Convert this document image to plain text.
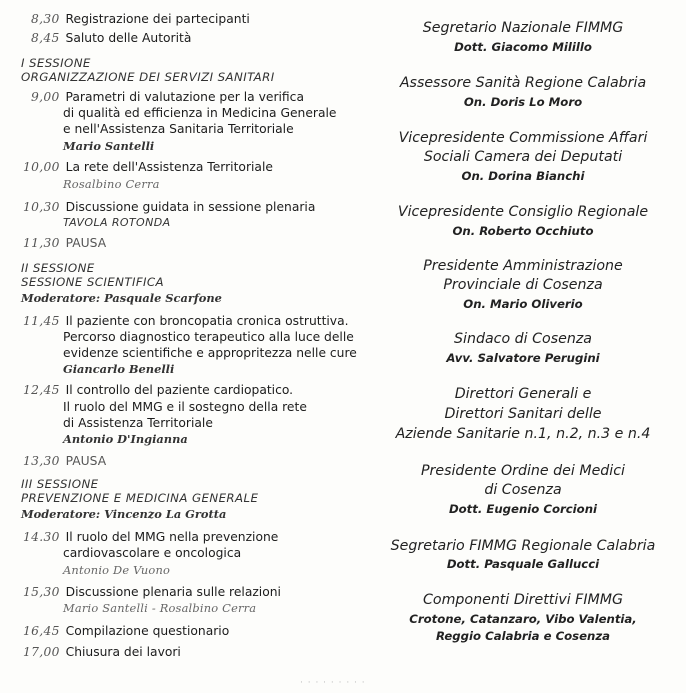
8,30 Registrazione dei partecipanti
8,45 Saluto delle Autorità
I SESSIONE
ORGANIZZAZIONE DEI SERVIZI SANITARI
9,00 Parametri di valutazione per la verifica
di qualità ed efficienza in Medicina Generale
e nell'Assistenza Sanitaria Territoriale
Mario Santelli
10,00 La rete dell'Assistenza Territoriale
Rosalbino Cerra
10,30 Discussione guidata in sessione plenaria
TAVOLA ROTONDA
11,30 PAUSA
II SESSIONE
SESSIONE SCIENTIFICA
Moderatore: Pasquale Scarfone
11,45 Il paziente con broncopatia cronica ostruttiva.
Percorso diagnostico terapeutico alla luce delle
evidenze scientifiche e appropritezza nelle cure
Giancarlo Benelli
12,45 Il controllo del paziente cardiopatico.
Il ruolo del MMG e il sostegno della rete
di Assistenza Territoriale
Antonio D'Ingianna
13,30 PAUSA
III SESSIONE
PREVENZIONE E MEDICINA GENERALE
Moderatore: Vincenzo La Grotta
14.30 Il ruolo del MMG nella prevenzione
cardiovascolare e oncologica
Antonio De Vuono
15,30 Discussione plenaria sulle relazioni
Mario Santelli - Rosalbino Cerra
16,45 Compilazione questionario
17,00 Chiusura dei lavori
Segretario Nazionale FIMMG
Dott. Giacomo Milillo
Assessore Sanità Regione Calabria
On. Doris Lo Moro
Vicepresidente Commissione Affari
Sociali Camera dei Deputati
On. Dorina Bianchi
Vicepresidente Consiglio Regionale
On. Roberto Occhiuto
Presidente Amministrazione
Provinciale di Cosenza
On. Mario Oliverio
Sindaco di Cosenza
Avv. Salvatore Perugini
Direttori Generali e
Direttori Sanitari delle
Aziende Sanitarie n.1, n.2, n.3 e n.4
Presidente Ordine dei Medici
di Cosenza
Dott. Eugenio Corcioni
Segretario FIMMG Regionale Calabria
Dott. Pasquale Gallucci
Componenti Direttivi FIMMG
Crotone, Catanzaro, Vibo Valentia,
Reggio Calabria e Cosenza
· · · · · · · · ·
